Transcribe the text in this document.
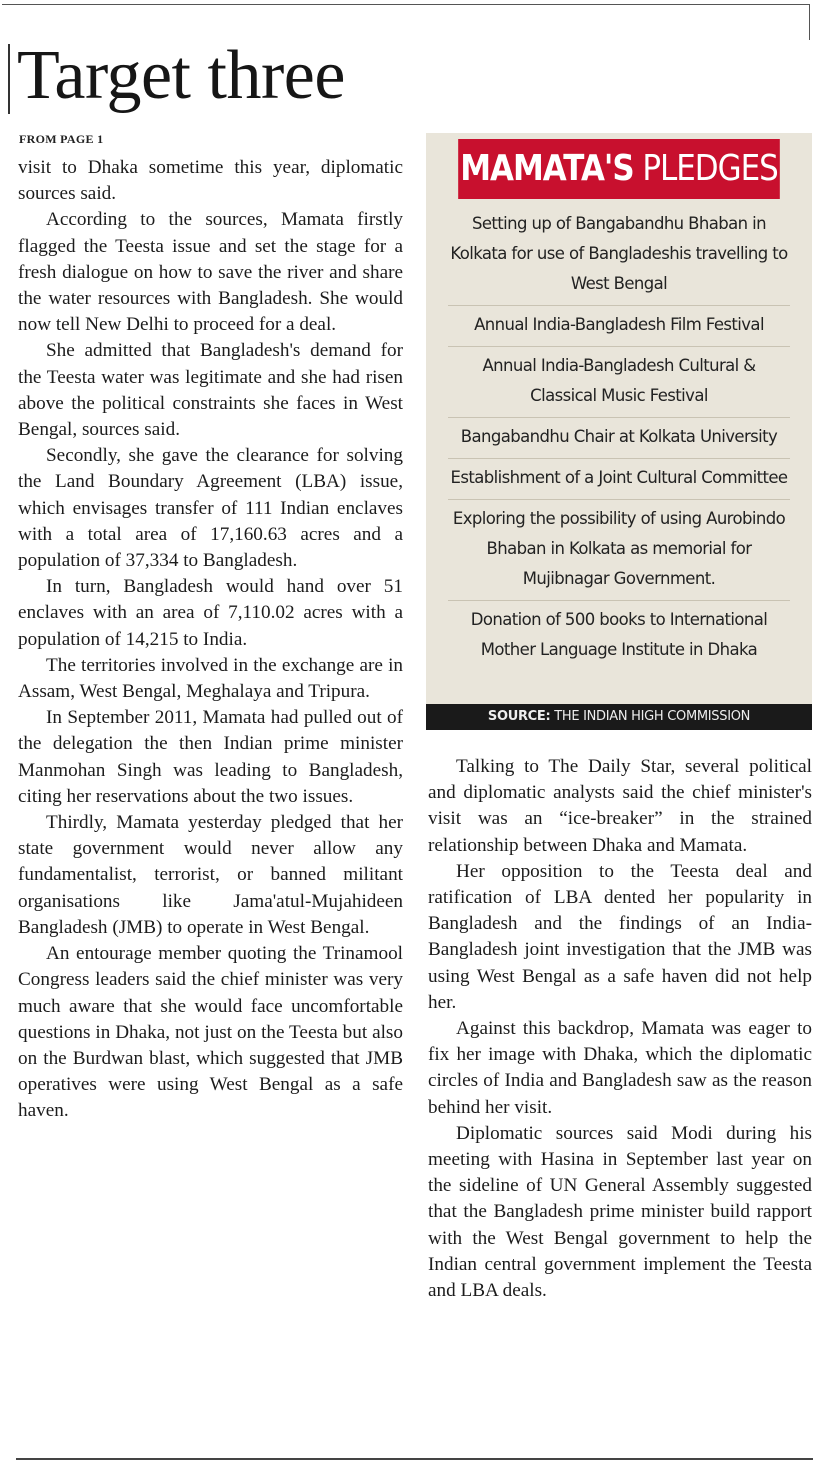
Target three
FROM PAGE 1

visit to Dhaka sometime this year, diplomatic sources said.

According to the sources, Mamata firstly flagged the Teesta issue and set the stage for a fresh dialogue on how to save the river and share the water resources with Bangladesh. She would now tell New Delhi to proceed for a deal.

She admitted that Bangladesh's demand for the Teesta water was legitimate and she had risen above the political constraints she faces in West Bengal, sources said.

Secondly, she gave the clearance for solving the Land Boundary Agreement (LBA) issue, which envisages transfer of 111 Indian enclaves with a total area of 17,160.63 acres and a population of 37,334 to Bangladesh.

In turn, Bangladesh would hand over 51 enclaves with an area of 7,110.02 acres with a population of 14,215 to India.

The territories involved in the exchange are in Assam, West Bengal, Meghalaya and Tripura.

In September 2011, Mamata had pulled out of the delegation the then Indian prime minister Manmohan Singh was leading to Bangladesh, citing her reservations about the two issues.

Thirdly, Mamata yesterday pledged that her state government would never allow any fundamentalist, terrorist, or banned militant organisations like Jama'atul-Mujahideen Bangladesh (JMB) to operate in West Bengal.

An entourage member quoting the Trinamool Congress leaders said the chief minister was very much aware that she would face uncomfortable questions in Dhaka, not just on the Teesta but also on the Burdwan blast, which suggested that JMB operatives were using West Bengal as a safe haven.

MAMATA'S PLEDGES
Setting up of Bangabandhu Bhaban in Kolkata for use of Bangladeshis travelling to West Bengal
Annual India-Bangladesh Film Festival
Annual India-Bangladesh Cultural & Classical Music Festival
Bangabandhu Chair at Kolkata University
Establishment of a Joint Cultural Committee
Exploring the possibility of using Aurobindo Bhaban in Kolkata as memorial for Mujibnagar Government.
Donation of 500 books to International Mother Language Institute in Dhaka
SOURCE: THE INDIAN HIGH COMMISSION

Talking to The Daily Star, several political and diplomatic analysts said the chief minister's visit was an “ice-breaker” in the strained relationship between Dhaka and Mamata.

Her opposition to the Teesta deal and ratification of LBA dented her popularity in Bangladesh and the findings of an India-Bangladesh joint investigation that the JMB was using West Bengal as a safe haven did not help her.

Against this backdrop, Mamata was eager to fix her image with Dhaka, which the diplomatic circles of India and Bangladesh saw as the reason behind her visit.

Diplomatic sources said Modi during his meeting with Hasina in September last year on the sideline of UN General Assembly suggested that the Bangladesh prime minister build rapport with the West Bengal government to help the Indian central government implement the Teesta and LBA deals.
